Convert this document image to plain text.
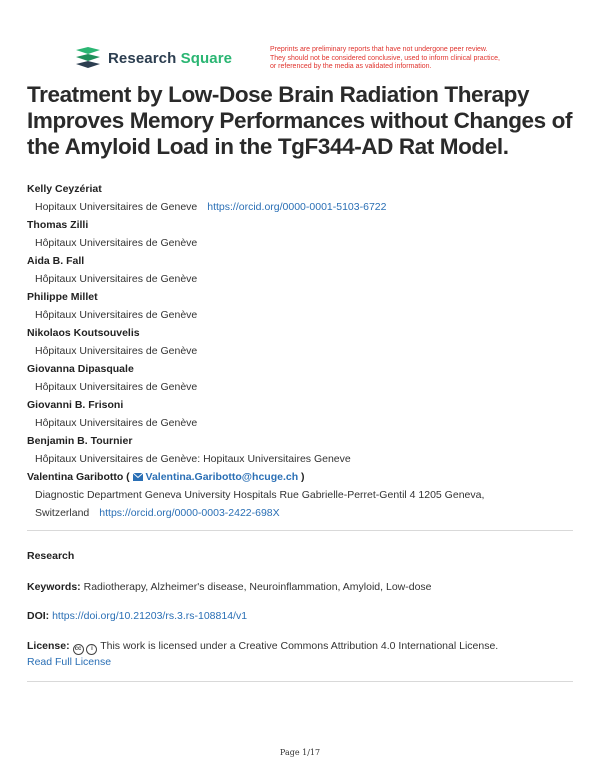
Research Square	Preprints are preliminary reports that have not undergone peer review.
They should not be considered conclusive, used to inform clinical practice,
or referenced by the media as validated information.
Treatment by Low-Dose Brain Radiation Therapy Improves Memory Performances without Changes of the Amyloid Load in the TgF344-AD Rat Model.
Kelly Ceyzériat
Hopitaux Universitaires de Geneve https://orcid.org/0000-0001-5103-6722
Thomas Zilli
Hôpitaux Universitaires de Genève
Aida B. Fall
Hôpitaux Universitaires de Genève
Philippe Millet
Hôpitaux Universitaires de Genève
Nikolaos Koutsouvelis
Hôpitaux Universitaires de Genève
Giovanna Dipasquale
Hôpitaux Universitaires de Genève
Giovanni B. Frisoni
Hôpitaux Universitaires de Genève
Benjamin B. Tournier
Hôpitaux Universitaires de Genève: Hopitaux Universitaires Geneve
Valentina Garibotto (  Valentina.Garibotto@hcuge.ch )
Diagnostic Department Geneva University Hospitals Rue Gabrielle-Perret-Gentil 4 1205 Geneva, Switzerland https://orcid.org/0000-0003-2422-698X
Research
Keywords: Radiotherapy, Alzheimer's disease, Neuroinflammation, Amyloid, Low-dose
DOI: https://doi.org/10.21203/rs.3.rs-108814/v1
License: cc i This work is licensed under a Creative Commons Attribution 4.0 International License.
Read Full License
Page 1/17
